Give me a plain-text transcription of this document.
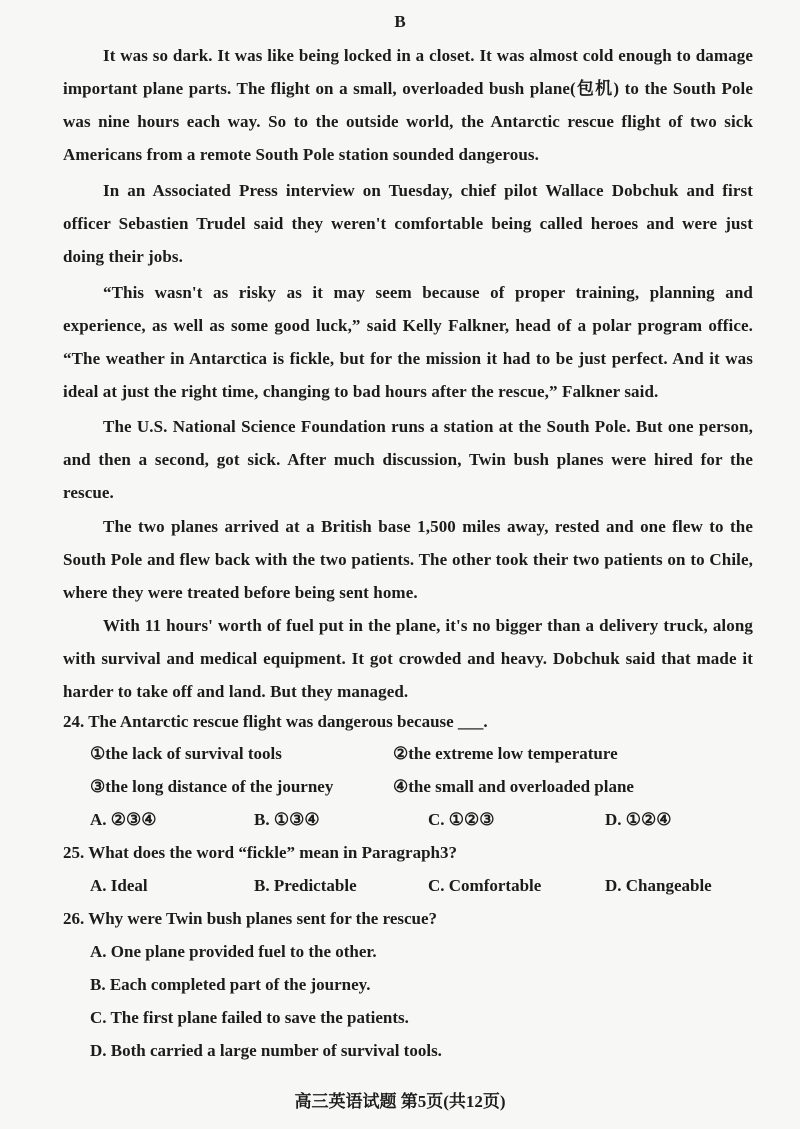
B

It was so dark. It was like being locked in a closet. It was almost cold enough to damage important plane parts. The flight on a small, overloaded bush plane(包机) to the South Pole was nine hours each way. So to the outside world, the Antarctic rescue flight of two sick Americans from a remote South Pole station sounded dangerous.

In an Associated Press interview on Tuesday, chief pilot Wallace Dobchuk and first officer Sebastien Trudel said they weren't comfortable being called heroes and were just doing their jobs.

“This wasn't as risky as it may seem because of proper training, planning and experience, as well as some good luck,” said Kelly Falkner, head of a polar program office. “The weather in Antarctica is fickle, but for the mission it had to be just perfect. And it was ideal at just the right time, changing to bad hours after the rescue,” Falkner said.

The U.S. National Science Foundation runs a station at the South Pole. But one person, and then a second, got sick. After much discussion, Twin bush planes were hired for the rescue.

The two planes arrived at a British base 1,500 miles away, rested and one flew to the South Pole and flew back with the two patients. The other took their two patients on to Chile, where they were treated before being sent home.

With 11 hours' worth of fuel put in the plane, it's no bigger than a delivery truck, along with survival and medical equipment. It got crowded and heavy. Dobchuk said that made it harder to take off and land. But they managed.

24. The Antarctic rescue flight was dangerous because ___.

①the lack of survival tools	②the extreme low temperature
③the long distance of the journey	④the small and overloaded plane
A. ②③④	B. ①③④	C. ①②③	D. ①②④

25. What does the word “fickle” mean in Paragraph3?

A. Ideal	B. Predictable	C. Comfortable	D. Changeable

26. Why were Twin bush planes sent for the rescue?

A. One plane provided fuel to the other.
B. Each completed part of the journey.
C. The first plane failed to save the patients.
D. Both carried a large number of survival tools.
高三英语试题 第5页(共12页)
